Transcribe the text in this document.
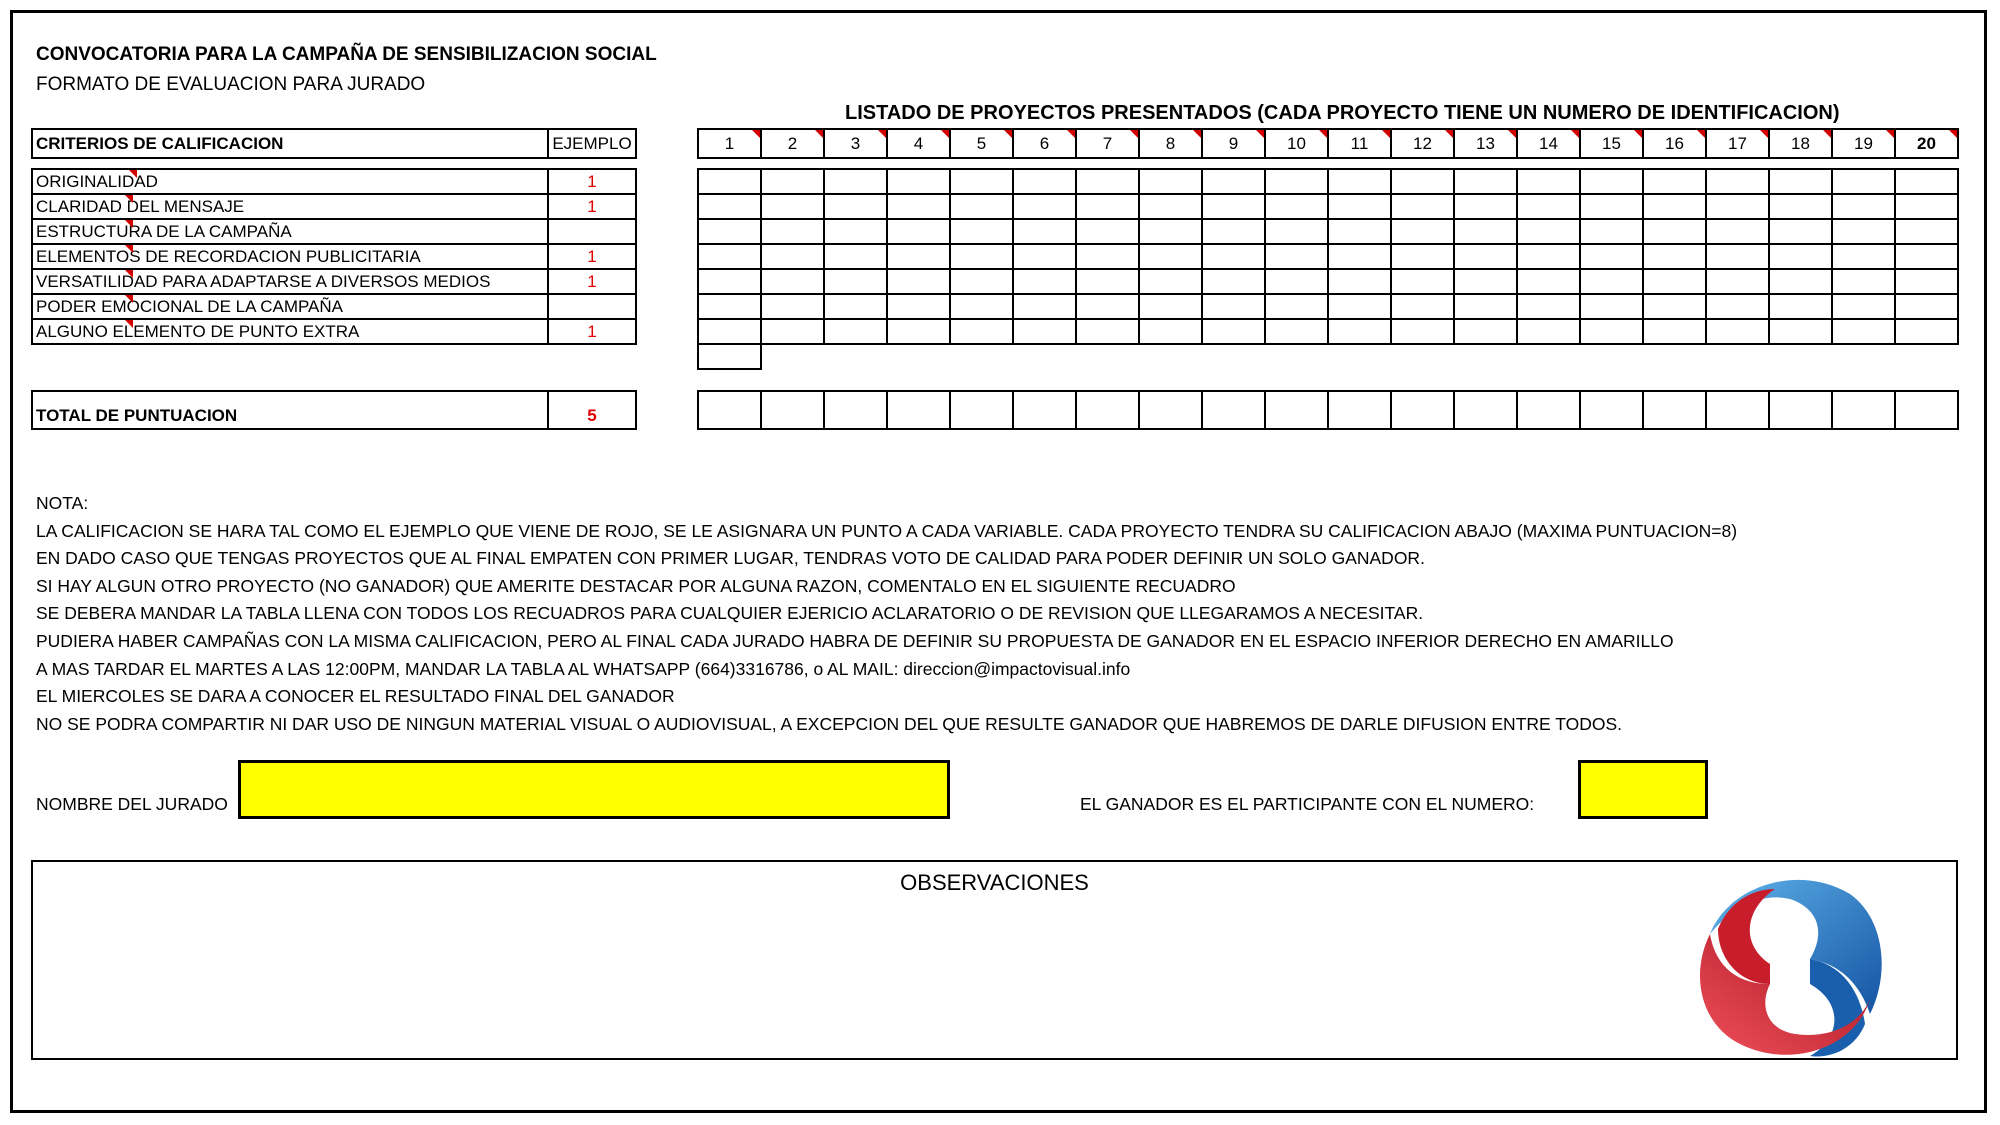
CONVOCATORIA PARA LA CAMPAÑA DE SENSIBILIZACION SOCIAL
FORMATO DE EVALUACION PARA JURADO
LISTADO DE PROYECTOS PRESENTADOS (CADA PROYECTO TIENE UN NUMERO DE IDENTIFICACION)
CRITERIOS DE CALIFICACION	EJEMPLO
ORIGINALIDAD	1
CLARIDAD DEL MENSAJE	1
ESTRUCTURA DE LA CAMPAÑA

ELEMENTOS DE RECORDACION PUBLICITARIA	1
VERSATILIDAD PARA ADAPTARSE A DIVERSOS MEDIOS	1
PODER EMOCIONAL DE LA CAMPAÑA

ALGUNO ELEMENTO DE PUNTO EXTRA	1
TOTAL DE PUNTUACION	5
1	2	3	4	5	6	7	8	9	10	11	12	13	14	15	16	17	18	19	20

NOTA:
LA CALIFICACION SE HARA TAL COMO EL EJEMPLO QUE VIENE DE ROJO, SE LE ASIGNARA UN PUNTO A CADA VARIABLE. CADA PROYECTO TENDRA SU CALIFICACION ABAJO (MAXIMA PUNTUACION=8)
EN DADO CASO QUE TENGAS PROYECTOS QUE AL FINAL EMPATEN CON PRIMER LUGAR, TENDRAS VOTO DE CALIDAD PARA PODER DEFINIR UN SOLO GANADOR.
SI HAY ALGUN OTRO PROYECTO (NO GANADOR) QUE AMERITE DESTACAR POR ALGUNA RAZON, COMENTALO EN EL SIGUIENTE RECUADRO
SE DEBERA MANDAR LA TABLA LLENA CON TODOS LOS RECUADROS PARA CUALQUIER EJERICIO ACLARATORIO O DE REVISION QUE LLEGARAMOS A NECESITAR.
PUDIERA HABER CAMPAÑAS CON LA MISMA CALIFICACION, PERO AL FINAL CADA JURADO HABRA DE DEFINIR SU PROPUESTA DE GANADOR EN EL ESPACIO INFERIOR DERECHO EN AMARILLO
A MAS TARDAR EL MARTES A LAS 12:00PM, MANDAR LA TABLA AL WHATSAPP (664)3316786, o AL MAIL: direccion@impactovisual.info
EL MIERCOLES SE DARA A CONOCER EL RESULTADO FINAL DEL GANADOR
NO SE PODRA COMPARTIR NI DAR USO DE NINGUN MATERIAL VISUAL O AUDIOVISUAL, A EXCEPCION DEL QUE RESULTE GANADOR QUE HABREMOS DE DARLE DIFUSION ENTRE TODOS.
NOMBRE DEL JURADO	EL GANADOR ES EL PARTICIPANTE CON EL NUMERO:
OBSERVACIONES
